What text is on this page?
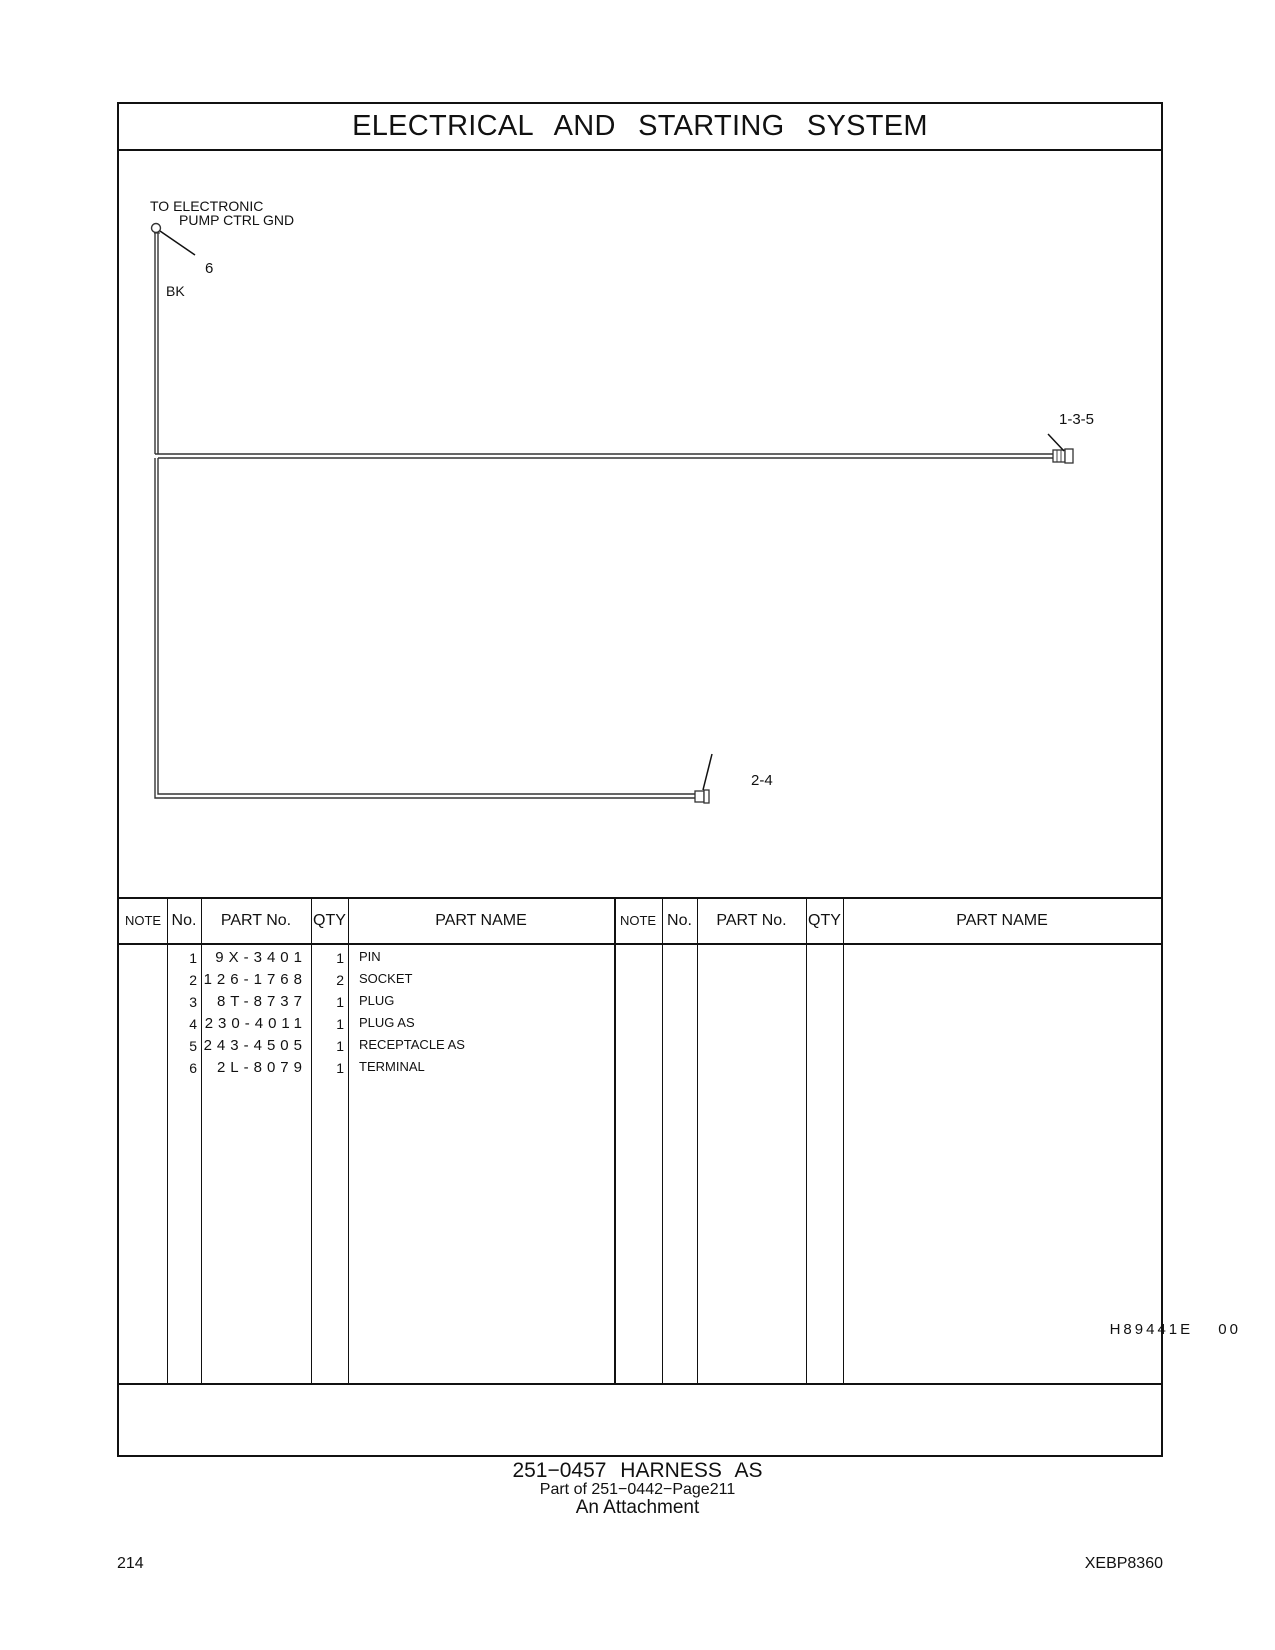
ELECTRICAL AND STARTING SYSTEM
TO ELECTRONIC
PUMP CTRL GND
6
BK
1-3-5
2-4
NOTE No.	PART No.	QTY	PART NAME	NOTE No.	PART No.	QTY	PART NAME
1	9X-3401	1 PIN
2 126-1768	2 SOCKET
3	8T-8737	1 PLUG
4 230-4011	1 PLUG AS
5 243-4505	1 RECEPTACLE AS
6	2L-8079	1 TERMINAL
H89441E 00
251−0457 HARNESS AS
Part of 251−0442−Page211
An Attachment
214	XEBP8360
